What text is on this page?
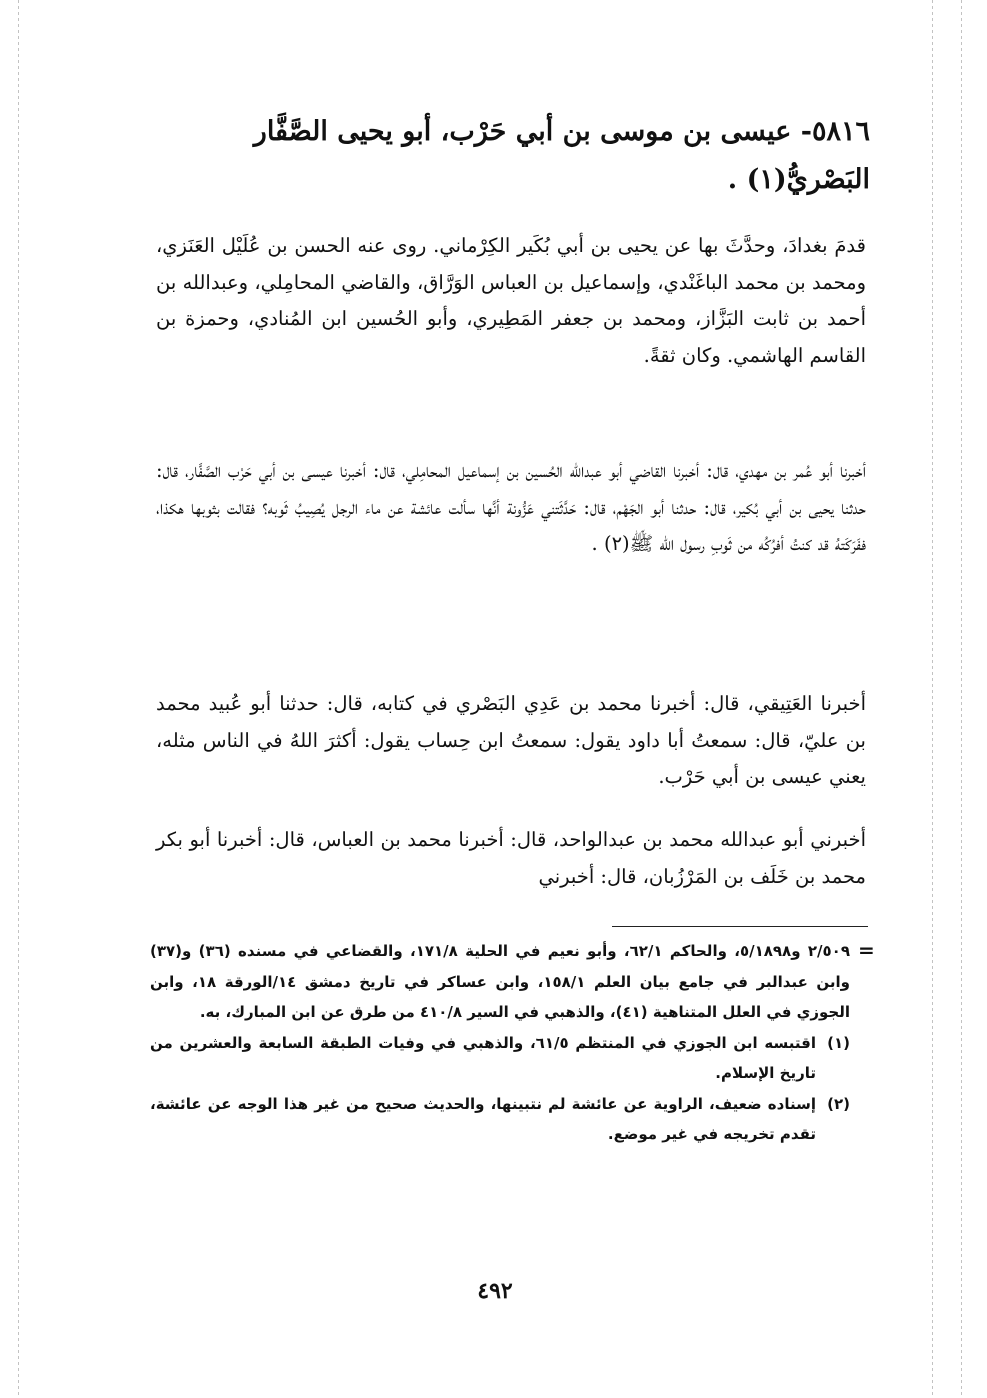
٥٨١٦- عيسى بن موسى بن أبي حَرْب، أبو يحيى الصَّفَّار البَصْريُّ(١) .

قدمَ بغدادَ، وحدَّثَ بها عن يحيى بن أبي بُكَير الكِرْماني. روى عنه الحسن بن عُلَيْل العَنَزي، ومحمد بن محمد الباغَنْدي، وإسماعيل بن العباس الوَرَّاق، والقاضي المحامِلي، وعبدالله بن أحمد بن ثابت البَزَّاز، ومحمد بن جعفر المَطِيري، وأبو الحُسين ابن المُنادي، وحمزة بن القاسم الهاشمي. وكان ثقةً.

أخبرنا أبو عُمر بن مهدي، قال: أخبرنا القاضي أبو عبدالله الحُسين بن إسماعيل المحامِلي، قال: أخبرنا عيسى بن أبي حَرْب الصَّفَّار، قال: حدثنا يحيى بن أبي بُكير، قال: حدثنا أبو الجَهْم، قال: حَدَّثَتني عَزُّونة أنَّها سألت عائشة عن ماء الرجل يُصِيبُ ثَوبه؟ فقالت بثوبها هكذا، ففَرَكَتهُ قد كنتُ أفرُكُه من ثَوبِ رسول الله ﷺ(٢) .

أخبرنا العَتِيقي، قال: أخبرنا محمد بن عَدِي البَصْري في كتابه، قال: حدثنا أبو عُبيد محمد بن عليّ، قال: سمعتُ أبا داود يقول: سمعتُ ابن حِساب يقول: أكثرَ اللهُ في الناس مثله، يعني عيسى بن أبي حَرْب.

أخبرني أبو عبدالله محمد بن عبدالواحد، قال: أخبرنا محمد بن العباس، قال: أخبرنا أبو بكر محمد بن خَلَف بن المَرْزُبان، قال: أخبرني

=
٢/٥٠٩ و٥/١٨٩٨، والحاكم ٦٢/١، وأبو نعيم في الحلية ١٧١/٨، والقضاعي في مسنده (٣٦) و(٣٧) وابن عبدالبر في جامع بيان العلم ١٥٨/١، وابن عساكر في تاريخ دمشق ١٤/الورقة ١٨، وابن الجوزي في العلل المتناهية (٤١)، والذهبي في السير ٤١٠/٨ من طرق عن ابن المبارك، به.
(١)
اقتبسه ابن الجوزي في المنتظم ٦١/٥، والذهبي في وفيات الطبقة السابعة والعشرين من تاريخ الإسلام.
(٢)
إسناده ضعيف، الراوية عن عائشة لم نتبينها، والحديث صحيح من غير هذا الوجه عن عائشة، تقدم تخريجه في غير موضع.
٤٩٢
